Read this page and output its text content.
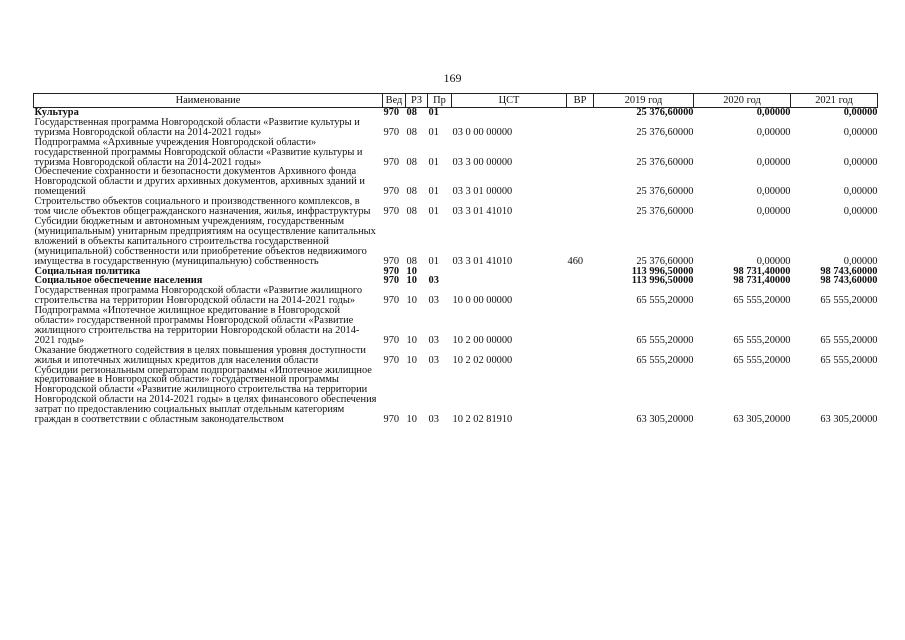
169
Наименование	Вед	РЗ	Пр	ЦСТ	ВР	2019 год	2020 год	2021 год
Культура	970	08	01			25 376,60000	0,00000	0,00000
Государственная программа Новгородской области «Развитие культуры и туризма Новгородской области на 2014-2021 годы»	970	08	01	03 0 00 00000		25 376,60000	0,00000	0,00000
Подпрограмма «Архивные учреждения Новгородской области» государственной программы Новгородской области «Развитие культуры и туризма Новгородской области на 2014-2021 годы»	970	08	01	03 3 00 00000		25 376,60000	0,00000	0,00000
Обеспечение сохранности и безопасности документов Архивного фонда Новгородской области и других архивных документов, архивных зданий и помещений	970	08	01	03 3 01 00000		25 376,60000	0,00000	0,00000
Строительство объектов социального и производственного комплексов, в том числе объектов общегражданского назначения, жилья, инфраструктуры	970	08	01	03 3 01 41010		25 376,60000	0,00000	0,00000
Субсидии бюджетным и автономным учреждениям, государственным (муниципальным) унитарным предприятиям на осуществление капитальных вложений в объекты капитального строительства государственной (муниципальной) собственности или приобретение объектов недвижимого имущества в государственную (муниципальную) собственность	970	08	01	03 3 01 41010	460	25 376,60000	0,00000	0,00000
Социальная политика	970	10				113 996,50000	98 731,40000	98 743,60000
Социальное обеспечение населения	970	10	03			113 996,50000	98 731,40000	98 743,60000
Государственная программа Новгородской области «Развитие жилищного строительства на территории Новгородской области на 2014-2021 годы»	970	10	03	10 0 00 00000		65 555,20000	65 555,20000	65 555,20000
Подпрограмма «Ипотечное жилищное кредитование в Новгородской области» государственной программы Новгородской области «Развитие жилищного строительства на территории Новгородской области на 2014-2021 годы»	970	10	03	10 2 00 00000		65 555,20000	65 555,20000	65 555,20000
Оказание бюджетного содействия в целях повышения уровня доступности жилья и ипотечных жилищных кредитов для населения области	970	10	03	10 2 02 00000		65 555,20000	65 555,20000	65 555,20000
Субсидии региональным операторам подпрограммы «Ипотечное жилищное кредитование в Новгородской области» государственной программы Новгородской области «Развитие жилищного строительства на территории Новгородской области на 2014-2021 годы» в целях финансового обеспечения затрат по предоставлению социальных выплат отдельным категориям граждан в соответствии с областным законодательством	970	10	03	10 2 02 81910		63 305,20000	63 305,20000	63 305,20000
